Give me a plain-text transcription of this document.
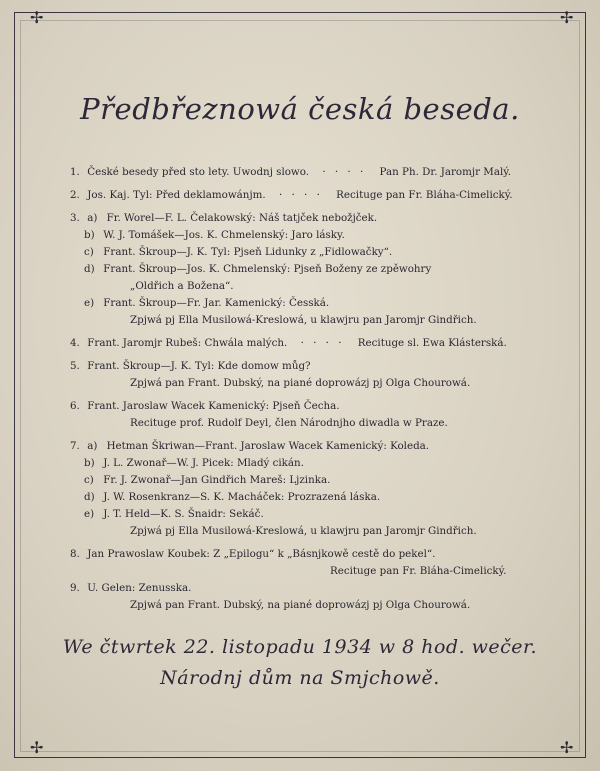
✢	✢
✢	✢
Předbřeznowá česká beseda.
1. České besedy před sto lety. Uwodnj slowo. · · · · Pan Ph. Dr. Jaromjr Malý.
2. Jos. Kaj. Tyl: Před deklamowánjm. · · · · Recituge pan Fr. Bláha-Cimelický.
3. a) Fr. Worel—F. L. Čelakowský: Náš tatjček nebožjček.
b) W. J. Tomášek—Jos. K. Chmelenský: Jaro lásky.
c) Frant. Škroup—J. K. Tyl: Pjseň Lidunky z „Fidlowačky“.
d) Frant. Škroup—Jos. K. Chmelenský: Pjseň Boženy ze zpěwohry
„Oldřich a Božena“.
e) Frant. Škroup—Fr. Jar. Kamenický: Česská.
Zpjwá pj Ella Musilowá-Kreslowá, u klawjru pan Jaromjr Gindřich.
4. Frant. Jaromjr Rubeš: Chwála malých. · · · · Recituge sl. Ewa Klásterská.
5. Frant. Škroup—J. K. Tyl: Kde domow můg?
Zpjwá pan Frant. Dubský, na piané doprowázj pj Olga Chourowá.
6. Frant. Jaroslaw Wacek Kamenický: Pjseň Čecha.
Recituge prof. Rudolf Deyl, člen Národnjho diwadla w Praze.
7. a) Hetman Škriwan—Frant. Jaroslaw Wacek Kamenický: Koleda.
b) J. L. Zwonař—W. J. Picek: Mladý cikán.
c) Fr. J. Zwonař—Jan Gindřich Mareš: Ljzinka.
d) J. W. Rosenkranz—S. K. Macháček: Prozrazená láska.
e) J. T. Held—K. S. Šnaidr: Sekáč.
Zpjwá pj Ella Musilowá-Kreslowá, u klawjru pan Jaromjr Gindřich.
8. Jan Prawoslaw Koubek: Z „Epilogu“ k „Básnjkowě cestě do pekel“.
Recituge pan Fr. Bláha-Cimelický.
9. U. Gelen: Zenusska.
Zpjwá pan Frant. Dubský, na piané doprowázj pj Olga Chourowá.
We čtwrtek 22. listopadu 1934 w 8 hod. wečer.
Národnj dům na Smjchowě.
